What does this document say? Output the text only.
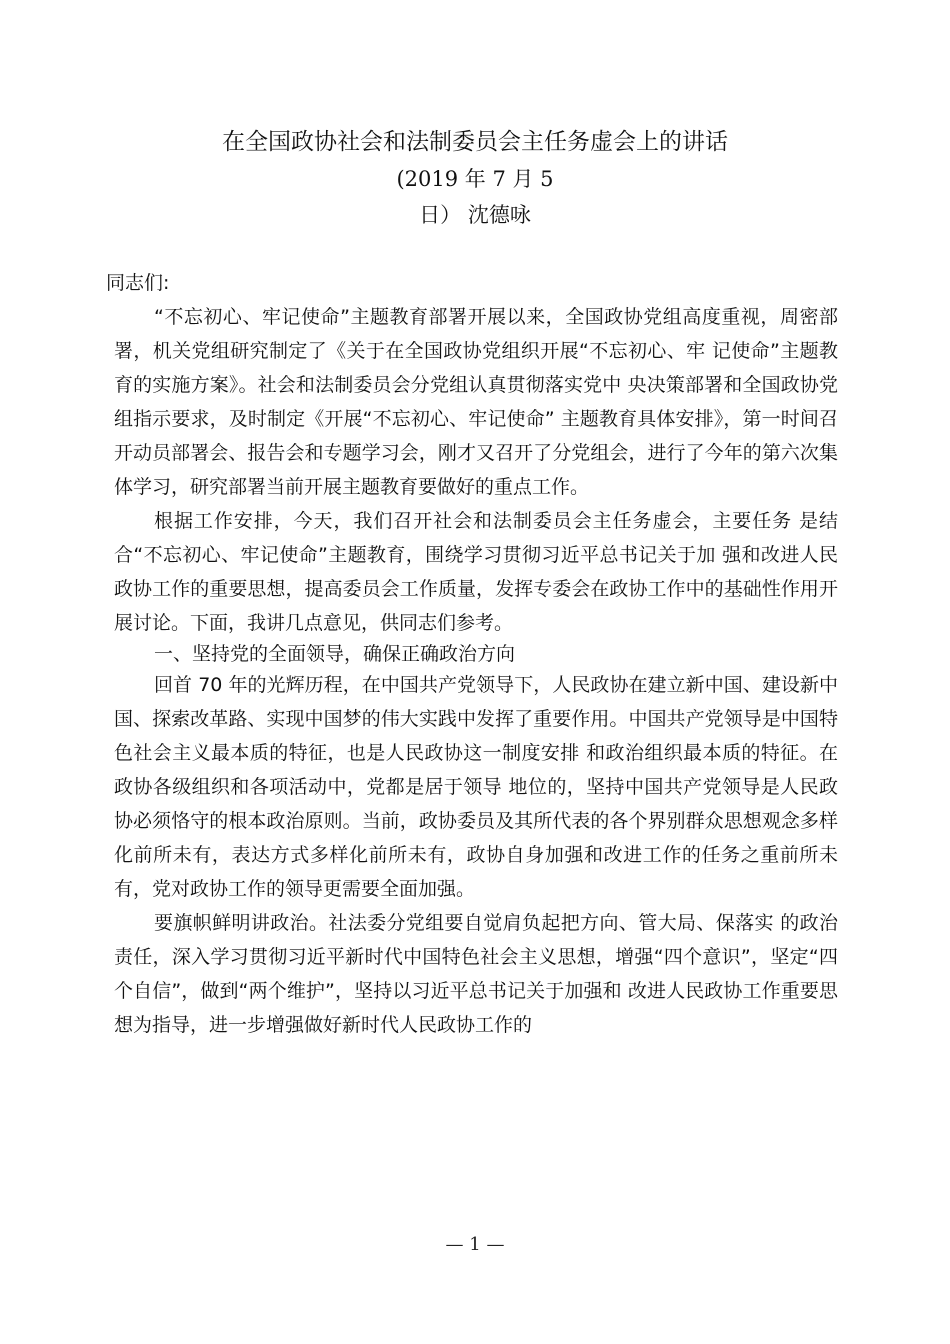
在全国政协社会和法制委员会主任务虚会上的讲话
(2019 年 7 月 5
日） 沈德咏

同志们:

“不忘初心、牢记使命”主题教育部署开展以来，全国政协党组高度重视，周密部署，机关党组研究制定了《关于在全国政协党组织开展“不忘初心、牢 记使命”主题教育的实施方案》。社会和法制委员会分党组认真贯彻落实党中 央决策部署和全国政协党组指示要求，及时制定《开展“不忘初心、牢记使命” 主题教育具体安排》，第一时间召开动员部署会、报告会和专题学习会，刚才又召开了分党组会，进行了今年的第六次集体学习，研究部署当前开展主题教育要做好的重点工作。

根据工作安排，今天，我们召开社会和法制委员会主任务虚会，主要任务 是结合“不忘初心、牢记使命”主题教育，围绕学习贯彻习近平总书记关于加 强和改进人民政协工作的重要思想，提高委员会工作质量，发挥专委会在政协工作中的基础性作用开展讨论。下面，我讲几点意见，供同志们参考。

一、坚持党的全面领导，确保正确政治方向

回首 70 年的光辉历程，在中国共产党领导下，人民政协在建立新中国、建设新中国、探索改革路、实现中国梦的伟大实践中发挥了重要作用。中国共产党领导是中国特色社会主义最本质的特征，也是人民政协这一制度安排 和政治组织最本质的特征。在政协各级组织和各项活动中，党都是居于领导 地位的，坚持中国共产党领导是人民政协必须恪守的根本政治原则。当前，政协委员及其所代表的各个界别群众思想观念多样化前所未有，表达方式多样化前所未有，政协自身加强和改进工作的任务之重前所未有，党对政协工作的领导更需要全面加强。

要旗帜鲜明讲政治。社法委分党组要自觉肩负起把方向、管大局、保落实 的政治责任，深入学习贯彻习近平新时代中国特色社会主义思想，增强“四个意识”，坚定“四个自信”，做到“两个维护”，坚持以习近平总书记关于加强和 改进人民政协工作重要思想为指导，进一步增强做好新时代人民政协工作的

— 1 —
